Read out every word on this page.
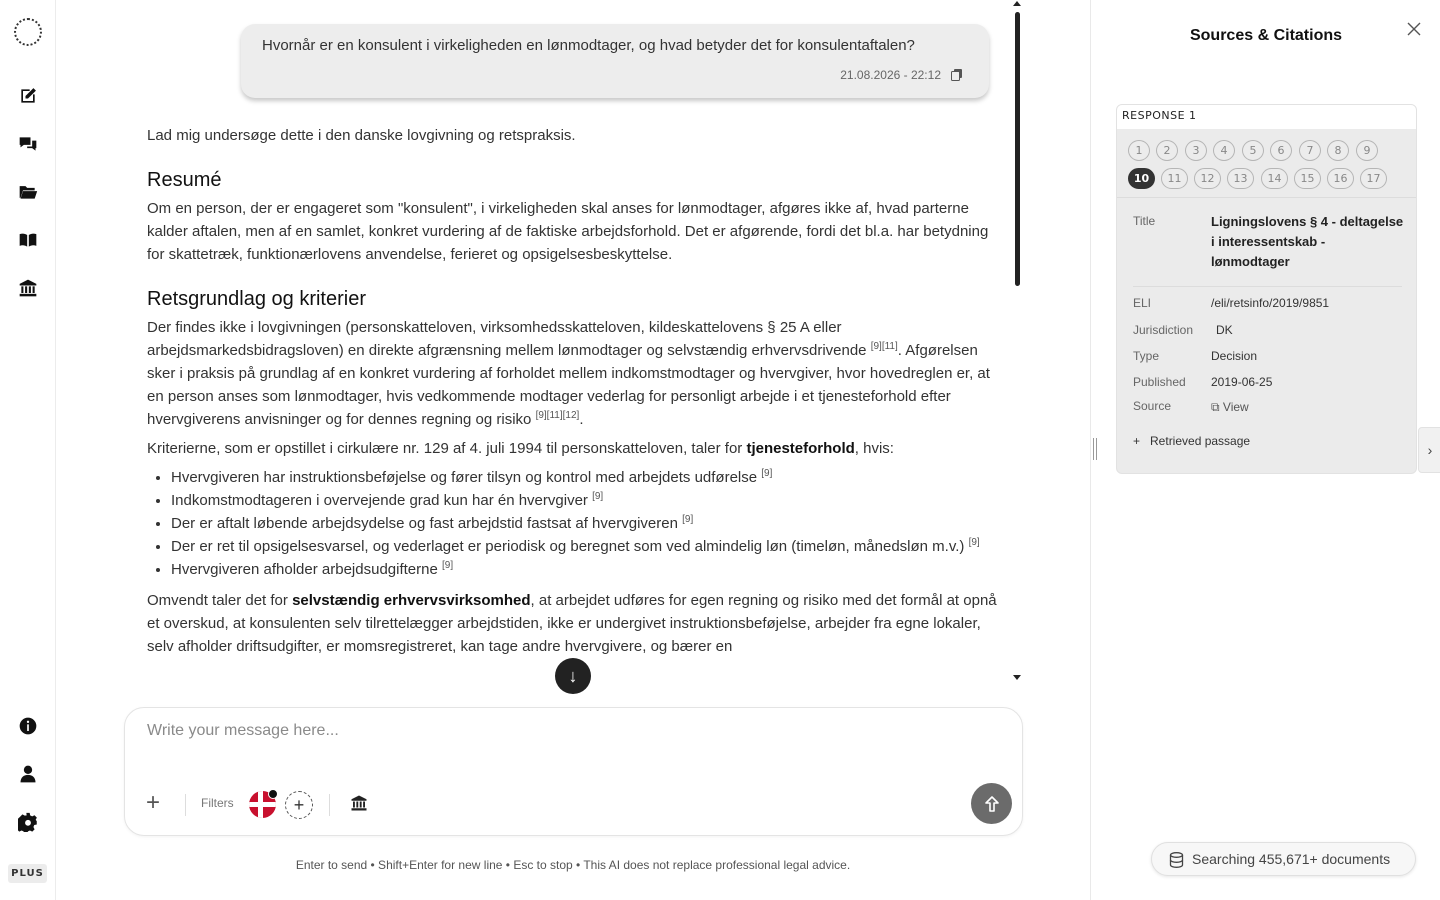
PLUS
Hvornår er en konsulent i virkeligheden en lønmodtager, og hvad betyder det for konsulentaftalen?
21.08.2026 - 22:12

Lad mig undersøge dette i den danske lovgivning og retspraksis.

Resumé

Om en person, der er engageret som "konsulent", i virkeligheden skal anses for lønmodtager, afgøres ikke af, hvad parterne kalder aftalen, men af en samlet, konkret vurdering af de faktiske arbejdsforhold. Det er afgørende, fordi det bl.a. har betydning for skattetræk, funktionærlovens anvendelse, ferieret og opsigelsesbeskyttelse.

Retsgrundlag og kriterier

Der findes ikke i lovgivningen (personskatteloven, virksomhedsskatteloven, kildeskattelovens § 25 A eller arbejdsmarkedsbidragsloven) en direkte afgrænsning mellem lønmodtager og selvstændig erhvervsdrivende [9][11]. Afgørelsen sker i praksis på grundlag af en konkret vurdering af forholdet mellem indkomstmodtager og hvervgiver, hvor hovedreglen er, at en person anses som lønmodtager, hvis vedkommende modtager vederlag for personligt arbejde i et tjenesteforhold efter hvervgiverens anvisninger og for dennes regning og risiko [9][11][12].

Kriterierne, som er opstillet i cirkulære nr. 129 af 4. juli 1994 til personskatteloven, taler for tjenesteforhold, hvis:

• Hvervgiveren har instruktionsbeføjelse og fører tilsyn og kontrol med arbejdets udførelse [9]
• Indkomstmodtageren i overvejende grad kun har én hvervgiver [9]
• Der er aftalt løbende arbejdsydelse og fast arbejdstid fastsat af hvervgiveren [9]
• Der er ret til opsigelsesvarsel, og vederlaget er periodisk og beregnet som ved almindelig løn (timeløn, månedsløn m.v.) [9]
• Hvervgiveren afholder arbejdsudgifterne [9]

Omvendt taler det for selvstændig erhvervsvirksomhed, at arbejdet udføres for egen regning og risiko med det formål at opnå et overskud, at konsulenten selv tilrettelægger arbejdstiden, ikke er undergivet instruktionsbeføjelse, arbejder fra egne lokaler, selv afholder driftsudgifter, er momsregistreret, kan tage andre hvervgivere, og bærer en

↓
Write your message here...
+	Filters	+
Enter to send • Shift+Enter for new line • Esc to stop • This AI does not replace professional legal advice.
Sources & Citations
RESPONSE 1
1	2	3	4	5	6	7	8	9
10	11	12	13	14	15	16	17
Title	Ligningslovens § 4 - deltagelse i interessentskab - lønmodtager
ELI	/eli/retsinfo/2019/9851
Jurisdiction DK
Type	Decision
Published 2019-06-25
Source	⧉ View
+   Retrieved passage
›
Searching 455,671+ documents
